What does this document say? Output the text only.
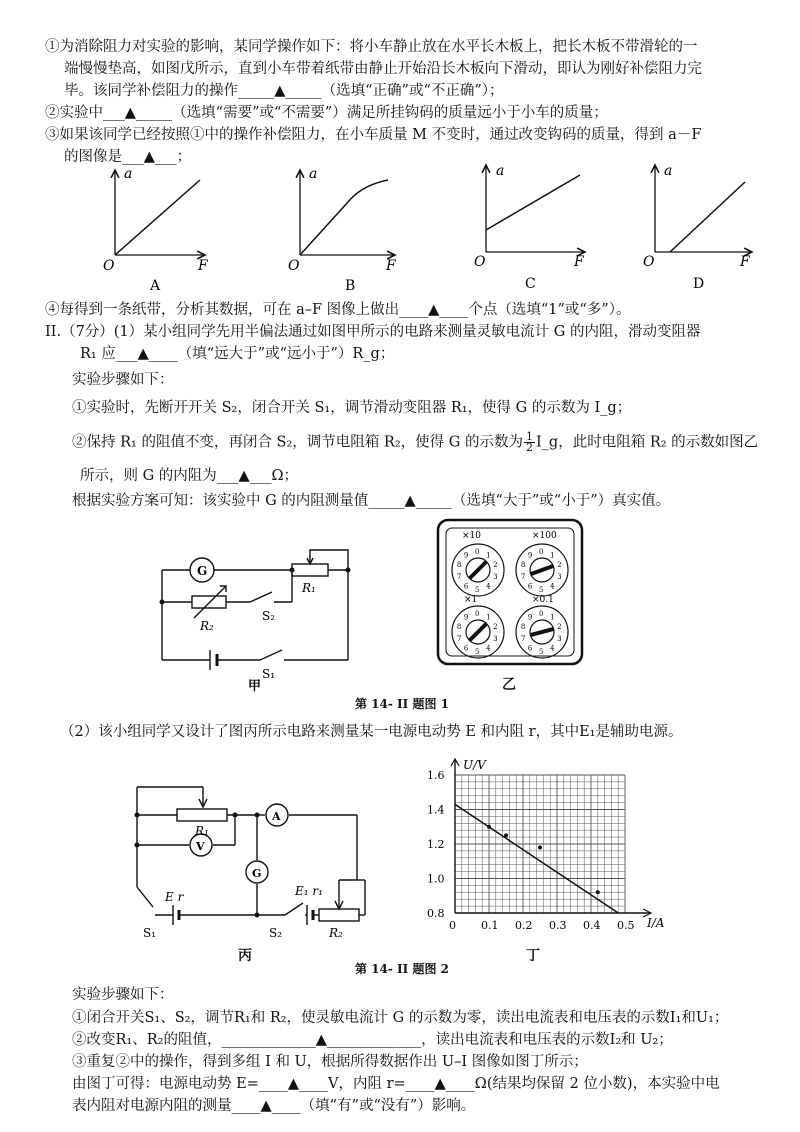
①为消除阻力对实验的影响，某同学操作如下：将小车静止放在水平长木板上，把长木板不带滑轮的一
端慢慢垫高，如图戊所示，直到小车带着纸带由静止开始沿长木板向下滑动，即认为刚好补偿阻力完
毕。该同学补偿阻力的操作_____▲_____（选填“正确”或“不正确”）；
②实验中___▲_____（选填“需要”或“不需要”）满足所挂钩码的质量远小于小车的质量；
③如果该同学已经按照①中的操作补偿阻力，在小车质量 M 不变时，通过改变钩码的质量，得到 a－F
的图像是___▲___；
a
O	F
A
a
O	F
B
a
O	F
C
a
O	F
D
④每得到一条纸带，分析其数据，可在 a–F 图像上做出____▲____个点（选填“1”或“多”）。
II.（7分）(1）某小组同学先用半偏法通过如图甲所示的电路来测量灵敏电流计 G 的内阻，滑动变阻器
R₁ 应___▲____（填“远大于”或“远小于”）R_g；
实验步骤如下：
①实验时，先断开开关 S₂，闭合开关 S₁，调节滑动变阻器 R₁，使得 G 的示数为 I_g；
②保持 R₁ 的阻值不变，再闭合 S₂，调节电阻箱 R₂，使得 G 的示数为 $\frac{1}{2}$ I_g，此时电阻箱 R₂ 的示数如图乙
所示，则 G 的内阻为___▲___Ω；
根据实验方案可知：该实验中 G 的内阻测量值_____▲_____（选填“大于”或“小于”）真实值。
G
R₁
R₂
S₂
S₁
甲
×10	×100
×1	×0.1
0 1
2
3
4
5
6
7
8
9	0 1
2
3
4
5
6
7
8
9
0 1
2
3
4
5
6
7
8
9	0 1
2
3
4
5
6
7
8
9
乙
第 14- II 题图 1
（2）该小组同学又设计了图丙所示电路来测量某一电源电动势 E 和内阻 r，其中E₁是辅助电源。
R₁
A
V
G
E r	E₁ r₁
R₂
S₁	S₂
丙
0.8
1.0
1.2
1.4
1.6
0.1 0.2 0.3 0.4 0.5
0
U/V
I/A
丁
第 14- II 题图 2
实验步骤如下：
①闭合开关S₁、S₂，调节R₁和 R₂，使灵敏电流计 G 的示数为零，读出电流表和电压表的示数I₁和U₁；
②改变R₁、R₂的阻值，_____________▲_____________，读出电流表和电压表的示数I₂和 U₂；
③重复②中的操作，得到多组 I 和 U，根据所得数据作出 U–I 图像如图丁所示；
由图丁可得：电源电动势 E=____▲____V，内阻 r=____▲____Ω(结果均保留 2 位小数)，本实验中电
表内阻对电源内阻的测量____▲____（填“有”或“没有”）影响。
